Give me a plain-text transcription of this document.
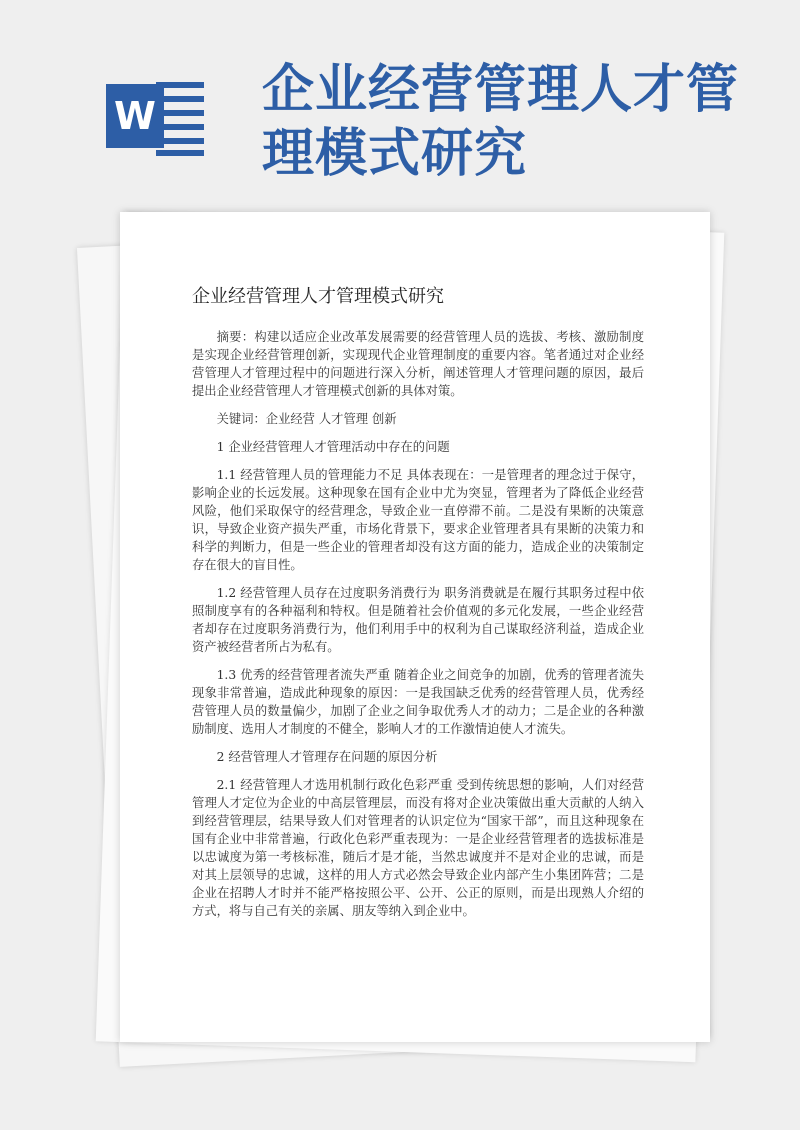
W 企业经营管理人才管理模式研究
企业经营管理人才管理模式研究

摘要：构建以适应企业改革发展需要的经营管理人员的选拔、考核、激励制度是实现企业经营管理创新，实现现代企业管理制度的重要内容。笔者通过对企业经营管理人才管理过程中的问题进行深入分析，阐述管理人才管理问题的原因，最后提出企业经营管理人才管理模式创新的具体对策。

关键词：企业经营 人才管理 创新

1 企业经营管理人才管理活动中存在的问题

1.1 经营管理人员的管理能力不足 具体表现在：一是管理者的理念过于保守，影响企业的长远发展。这种现象在国有企业中尤为突显，管理者为了降低企业经营风险，他们采取保守的经营理念，导致企业一直停滞不前。二是没有果断的决策意识，导致企业资产损失严重，市场化背景下，要求企业管理者具有果断的决策力和科学的判断力，但是一些企业的管理者却没有这方面的能力，造成企业的决策制定存在很大的盲目性。

1.2 经营管理人员存在过度职务消费行为 职务消费就是在履行其职务过程中依照制度享有的各种福利和特权。但是随着社会价值观的多元化发展，一些企业经营者却存在过度职务消费行为，他们利用手中的权利为自己谋取经济利益，造成企业资产被经营者所占为私有。

1.3 优秀的经营管理者流失严重 随着企业之间竞争的加剧，优秀的管理者流失现象非常普遍，造成此种现象的原因：一是我国缺乏优秀的经营管理人员，优秀经营管理人员的数量偏少，加剧了企业之间争取优秀人才的动力；二是企业的各种激励制度、选用人才制度的不健全，影响人才的工作激情迫使人才流失。

2 经营管理人才管理存在问题的原因分析

2.1 经营管理人才选用机制行政化色彩严重 受到传统思想的影响，人们对经营管理人才定位为企业的中高层管理层，而没有将对企业决策做出重大贡献的人纳入到经营管理层，结果导致人们对管理者的认识定位为“国家干部”，而且这种现象在国有企业中非常普遍，行政化色彩严重表现为：一是企业经营管理者的选拔标准是以忠诚度为第一考核标准，随后才是才能，当然忠诚度并不是对企业的忠诚，而是对其上层领导的忠诚，这样的用人方式必然会导致企业内部产生小集团阵营；二是企业在招聘人才时并不能严格按照公平、公开、公正的原则，而是出现熟人介绍的方式，将与自己有关的亲属、朋友等纳入到企业中。
